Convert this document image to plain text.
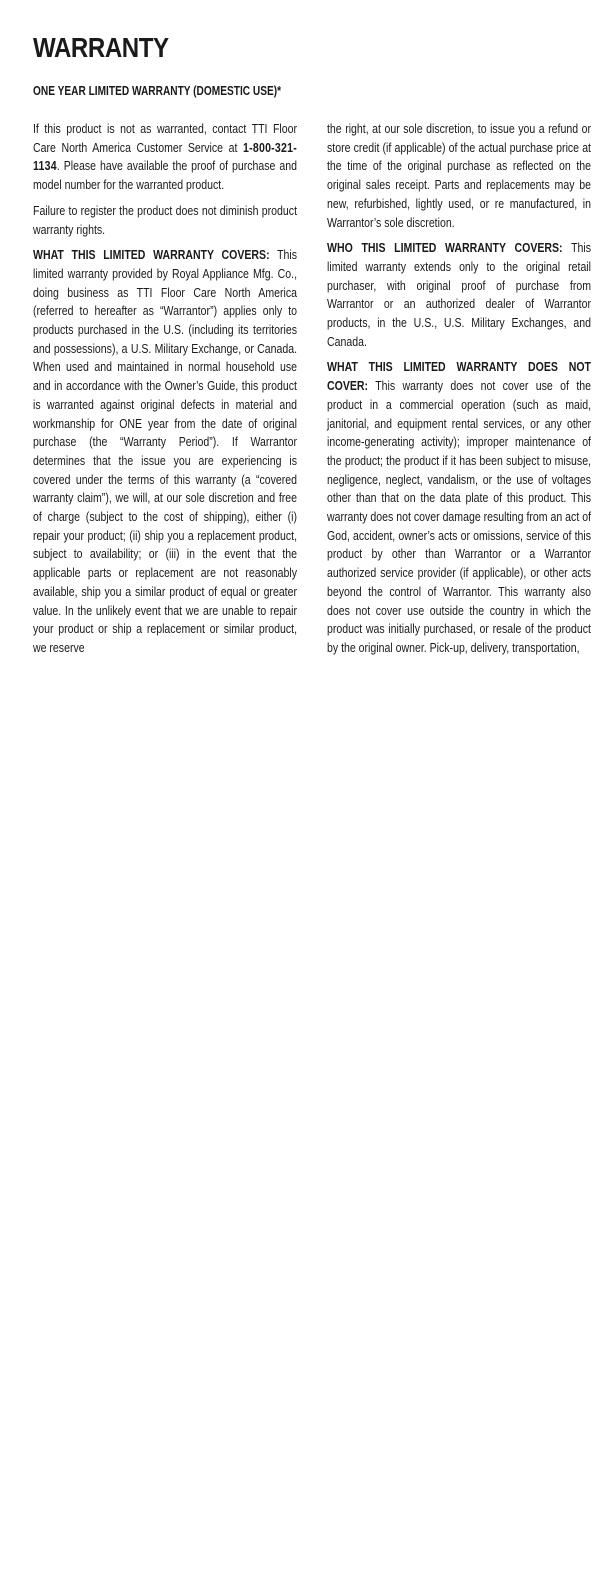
WARRANTY
ONE YEAR LIMITED WARRANTY (DOMESTIC USE)*

If this product is not as warranted, contact TTI Floor Care North America Customer Service at 1-800-321-1134. Please have available the proof of purchase and model number for the warranted product.

Failure to register the product does not diminish product warranty rights.

WHAT THIS LIMITED WARRANTY COVERS: This limited warranty provided by Royal Appliance Mfg. Co., doing business as TTI Floor Care North America (referred to hereafter as “Warrantor”) applies only to products purchased in the U.S. (including its territories and possessions), a U.S. Military Exchange, or Canada. When used and maintained in normal household use and in accordance with the Owner’s Guide, this product is warranted against original defects in material and workmanship for ONE year from the date of original purchase (the “Warranty Period”). If Warrantor determines that the issue you are experiencing is covered under the terms of this warranty (a “covered warranty claim”), we will, at our sole discretion and free of charge (subject to the cost of shipping), either (i) repair your product; (ii) ship you a replacement product, subject to availability; or (iii) in the event that the applicable parts or replacement are not reasonably available, ship you a similar product of equal or greater value. In the unlikely event that we are unable to repair your product or ship a replacement or similar product, we reserve

the right, at our sole discretion, to issue you a refund or store credit (if applicable) of the actual purchase price at the time of the original purchase as reflected on the original sales receipt. Parts and replacements may be new, refurbished, lightly used, or re manufactured, in Warrantor’s sole discretion.

WHO THIS LIMITED WARRANTY COVERS: This limited warranty extends only to the original retail purchaser, with original proof of purchase from Warrantor or an authorized dealer of Warrantor products, in the U.S., U.S. Military Exchanges, and Canada.

WHAT THIS LIMITED WARRANTY DOES NOT COVER: This warranty does not cover use of the product in a commercial operation (such as maid, janitorial, and equipment rental services, or any other income-generating activity); improper maintenance of the product; the product if it has been subject to misuse, negligence, neglect, vandalism, or the use of voltages other than that on the data plate of this product. This warranty does not cover damage resulting from an act of God, accident, owner’s acts or omissions, service of this product by other than Warrantor or a Warrantor authorized service provider (if applicable), or other acts beyond the control of Warrantor. This warranty also does not cover use outside the country in which the product was initially purchased, or resale of the product by the original owner. Pick-up, delivery, transportation,
